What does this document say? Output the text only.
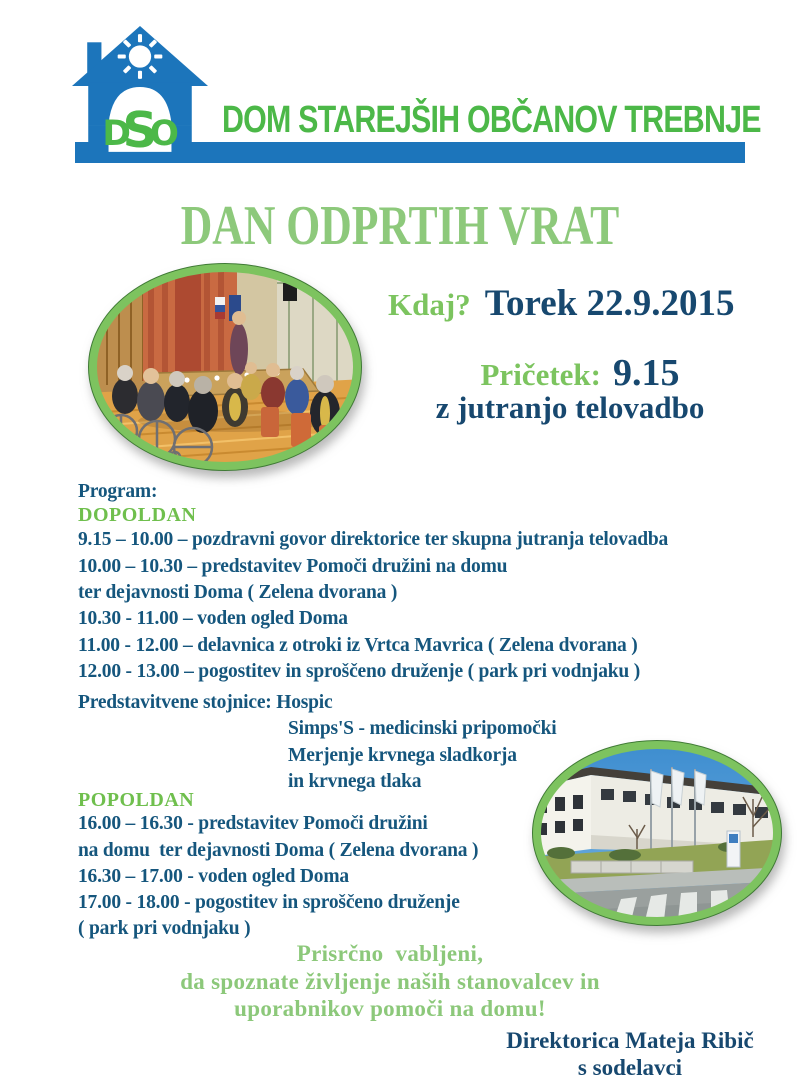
D
S
O DOM STAREJŠIH OBČANOV TREBNJE
DAN ODPRTIH VRAT
Kdaj? Torek 22.9.2015
Pričetek: 9.15
z jutranjo telovadbo
Program:
DOPOLDAN
9.15 – 10.00 – pozdravni govor direktorice ter skupna jutranja telovadba
10.00 – 10.30 – predstavitev Pomoči družini na domu
ter dejavnosti Doma ( Zelena dvorana )
10.30 - 11.00 – voden ogled Doma
11.00 - 12.00 – delavnica z otroki iz Vrtca Mavrica ( Zelena dvorana )
12.00 - 13.00 – pogostitev in sproščeno druženje ( park pri vodnjaku )
Predstavitvene stojnice: Hospic
Simps'S - medicinski pripomočki
Merjenje krvnega sladkorja
in krvnega tlaka
POPOLDAN
16.00 – 16.30 - predstavitev Pomoči družini
na domu  ter dejavnosti Doma ( Zelena dvorana )
16.30 – 17.00 - voden ogled Doma
17.00 - 18.00 - pogostitev in sproščeno druženje
( park pri vodnjaku )
Prisrčno  vabljeni,
da spoznate življenje naših stanovalcev in
uporabnikov pomoči na domu!
Direktorica Mateja Ribič
s sodelavci
